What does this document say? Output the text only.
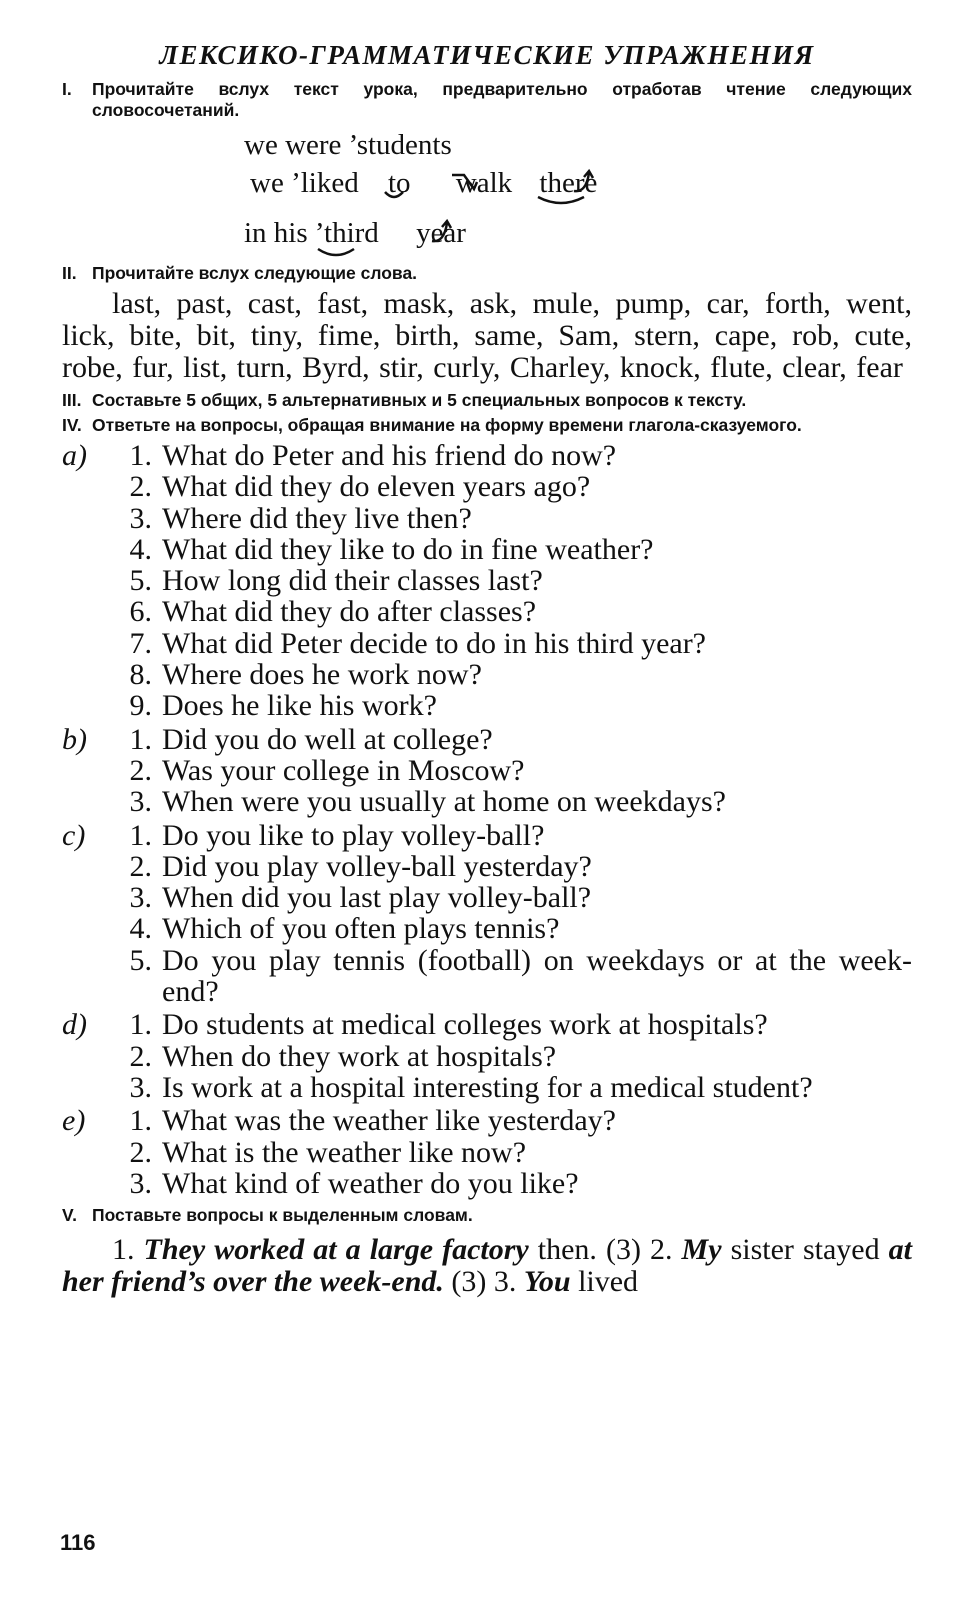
ЛЕКСИКО-ГРАММАТИЧЕСКИЕ УПРАЖНЕНИЯ
I.	Прочитайте вслух текст урока, предварительно отработав чтение следующих словосочетаний.
we were ’students
we ’liked to walk there
in his ’third year
II. Прочитайте вслух следующие слова.
last, past, cast, fast, mask, ask, mule, pump, car, forth, went, lick, bite, bit, tiny, fime, birth, same, Sam, stern, cape, rob, cute, robe, fur, list, turn, Byrd, stir, curly, Charley, knock, flute, clear, fear
III. Составьте 5 общих, 5 альтернативных и 5 специальных вопросов к тексту.
IV. Ответьте на вопросы, обращая внимание на форму времени глагола-сказуемого.
a)	1. What do Peter and his friend do now?
2. What did they do eleven years ago?
3. Where did they live then?
4. What did they like to do in fine weather?
5. How long did their classes last?
6. What did they do after classes?
7. What did Peter decide to do in his third year?
8. Where does he work now?
9. Does he like his work?
b)	1. Did you do well at college?
2. Was your college in Moscow?
3. When were you usually at home on weekdays?
c)	1. Do you like to play volley-ball?
2. Did you play volley-ball yesterday?
3. When did you last play volley-ball?
4. Which of you often plays tennis?
5. Do you play tennis (football) on weekdays or at the week-end?
d)	1. Do students at medical colleges work at hospitals?
2. When do they work at hospitals?
3. Is work at a hospital interesting for a medical student?
e)	1. What was the weather like yesterday?
2. What is the weather like now?
3. What kind of weather do you like?
V. Поставьте вопросы к выделенным словам.
1. They worked at a large factory then. (3) 2. My sister stayed at her friend’s over the week-end. (3) 3. You lived
116
